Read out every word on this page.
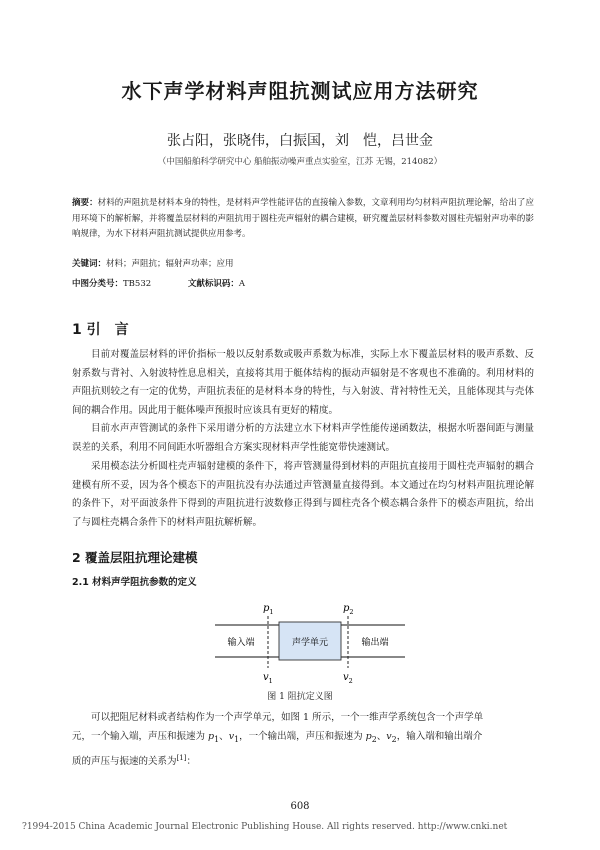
水下声学材料声阻抗测试应用方法研究
张占阳，张晓伟，白振国，刘　恺，吕世金
（中国船舶科学研究中心 船舶振动噪声重点实验室，江苏 无锡，214082）
摘要：材料的声阻抗是材料本身的特性，是材料声学性能评估的直接输入参数，文章利用均匀材料声阻抗理论解，给出了应用环境下的解析解，并将覆盖层材料的声阻抗用于圆柱壳声辐射的耦合建模，研究覆盖层材料参数对圆柱壳辐射声功率的影响规律，为水下材料声阻抗测试提供应用参考。
关键词：材料；声阻抗；辐射声功率；应用
中图分类号：TB532	文献标识码：A
1 引　言
目前对覆盖层材料的评价指标一般以反射系数或吸声系数为标准，实际上水下覆盖层材料的吸声系数、反射系数与背衬、入射波特性息息相关，直接将其用于艇体结构的振动声辐射是不客观也不准确的。利用材料的声阻抗则较之有一定的优势，声阻抗表征的是材料本身的特性，与入射波、背衬特性无关，且能体现其与壳体间的耦合作用。因此用于艇体噪声预报时应该具有更好的精度。
目前水声声管测试的条件下采用谱分析的方法建立水下材料声学性能传递函数法，根据水听器间距与测量误差的关系，利用不同间距水听器组合方案实现材料声学性能宽带快速测试。
采用模态法分析圆柱壳声辐射建模的条件下，将声管测量得到材料的声阻抗直接用于圆柱壳声辐射的耦合建模有所不妥，因为各个模态下的声阻抗没有办法通过声管测量直接得到。本文通过在均匀材料声阻抗理论解的条件下，对平面波条件下得到的声阻抗进行波数修正得到与圆柱壳各个模态耦合条件下的模态声阻抗，给出了与圆柱壳耦合条件下的材料声阻抗解析解。
2 覆盖层阻抗理论建模
2.1 材料声学阻抗参数的定义
输入端	声学单元	输出端
$p_1$	$p_2$
$v_1$	$v_2$
图 1 阻抗定义图
可以把阻尼材料或者结构作为一个声学单元，如图 1 所示，一个一维声学系统包含一个声学单
元，一个输入端，声压和振速为 $p_1$、$v_1$，一个输出端，声压和振速为 $p_2$、$v_2$，输入端和输出端介
质的声压与振速的关系为[1]：
608
?1994-2015 China Academic Journal Electronic Publishing House. All rights reserved. http://www.cnki.net
